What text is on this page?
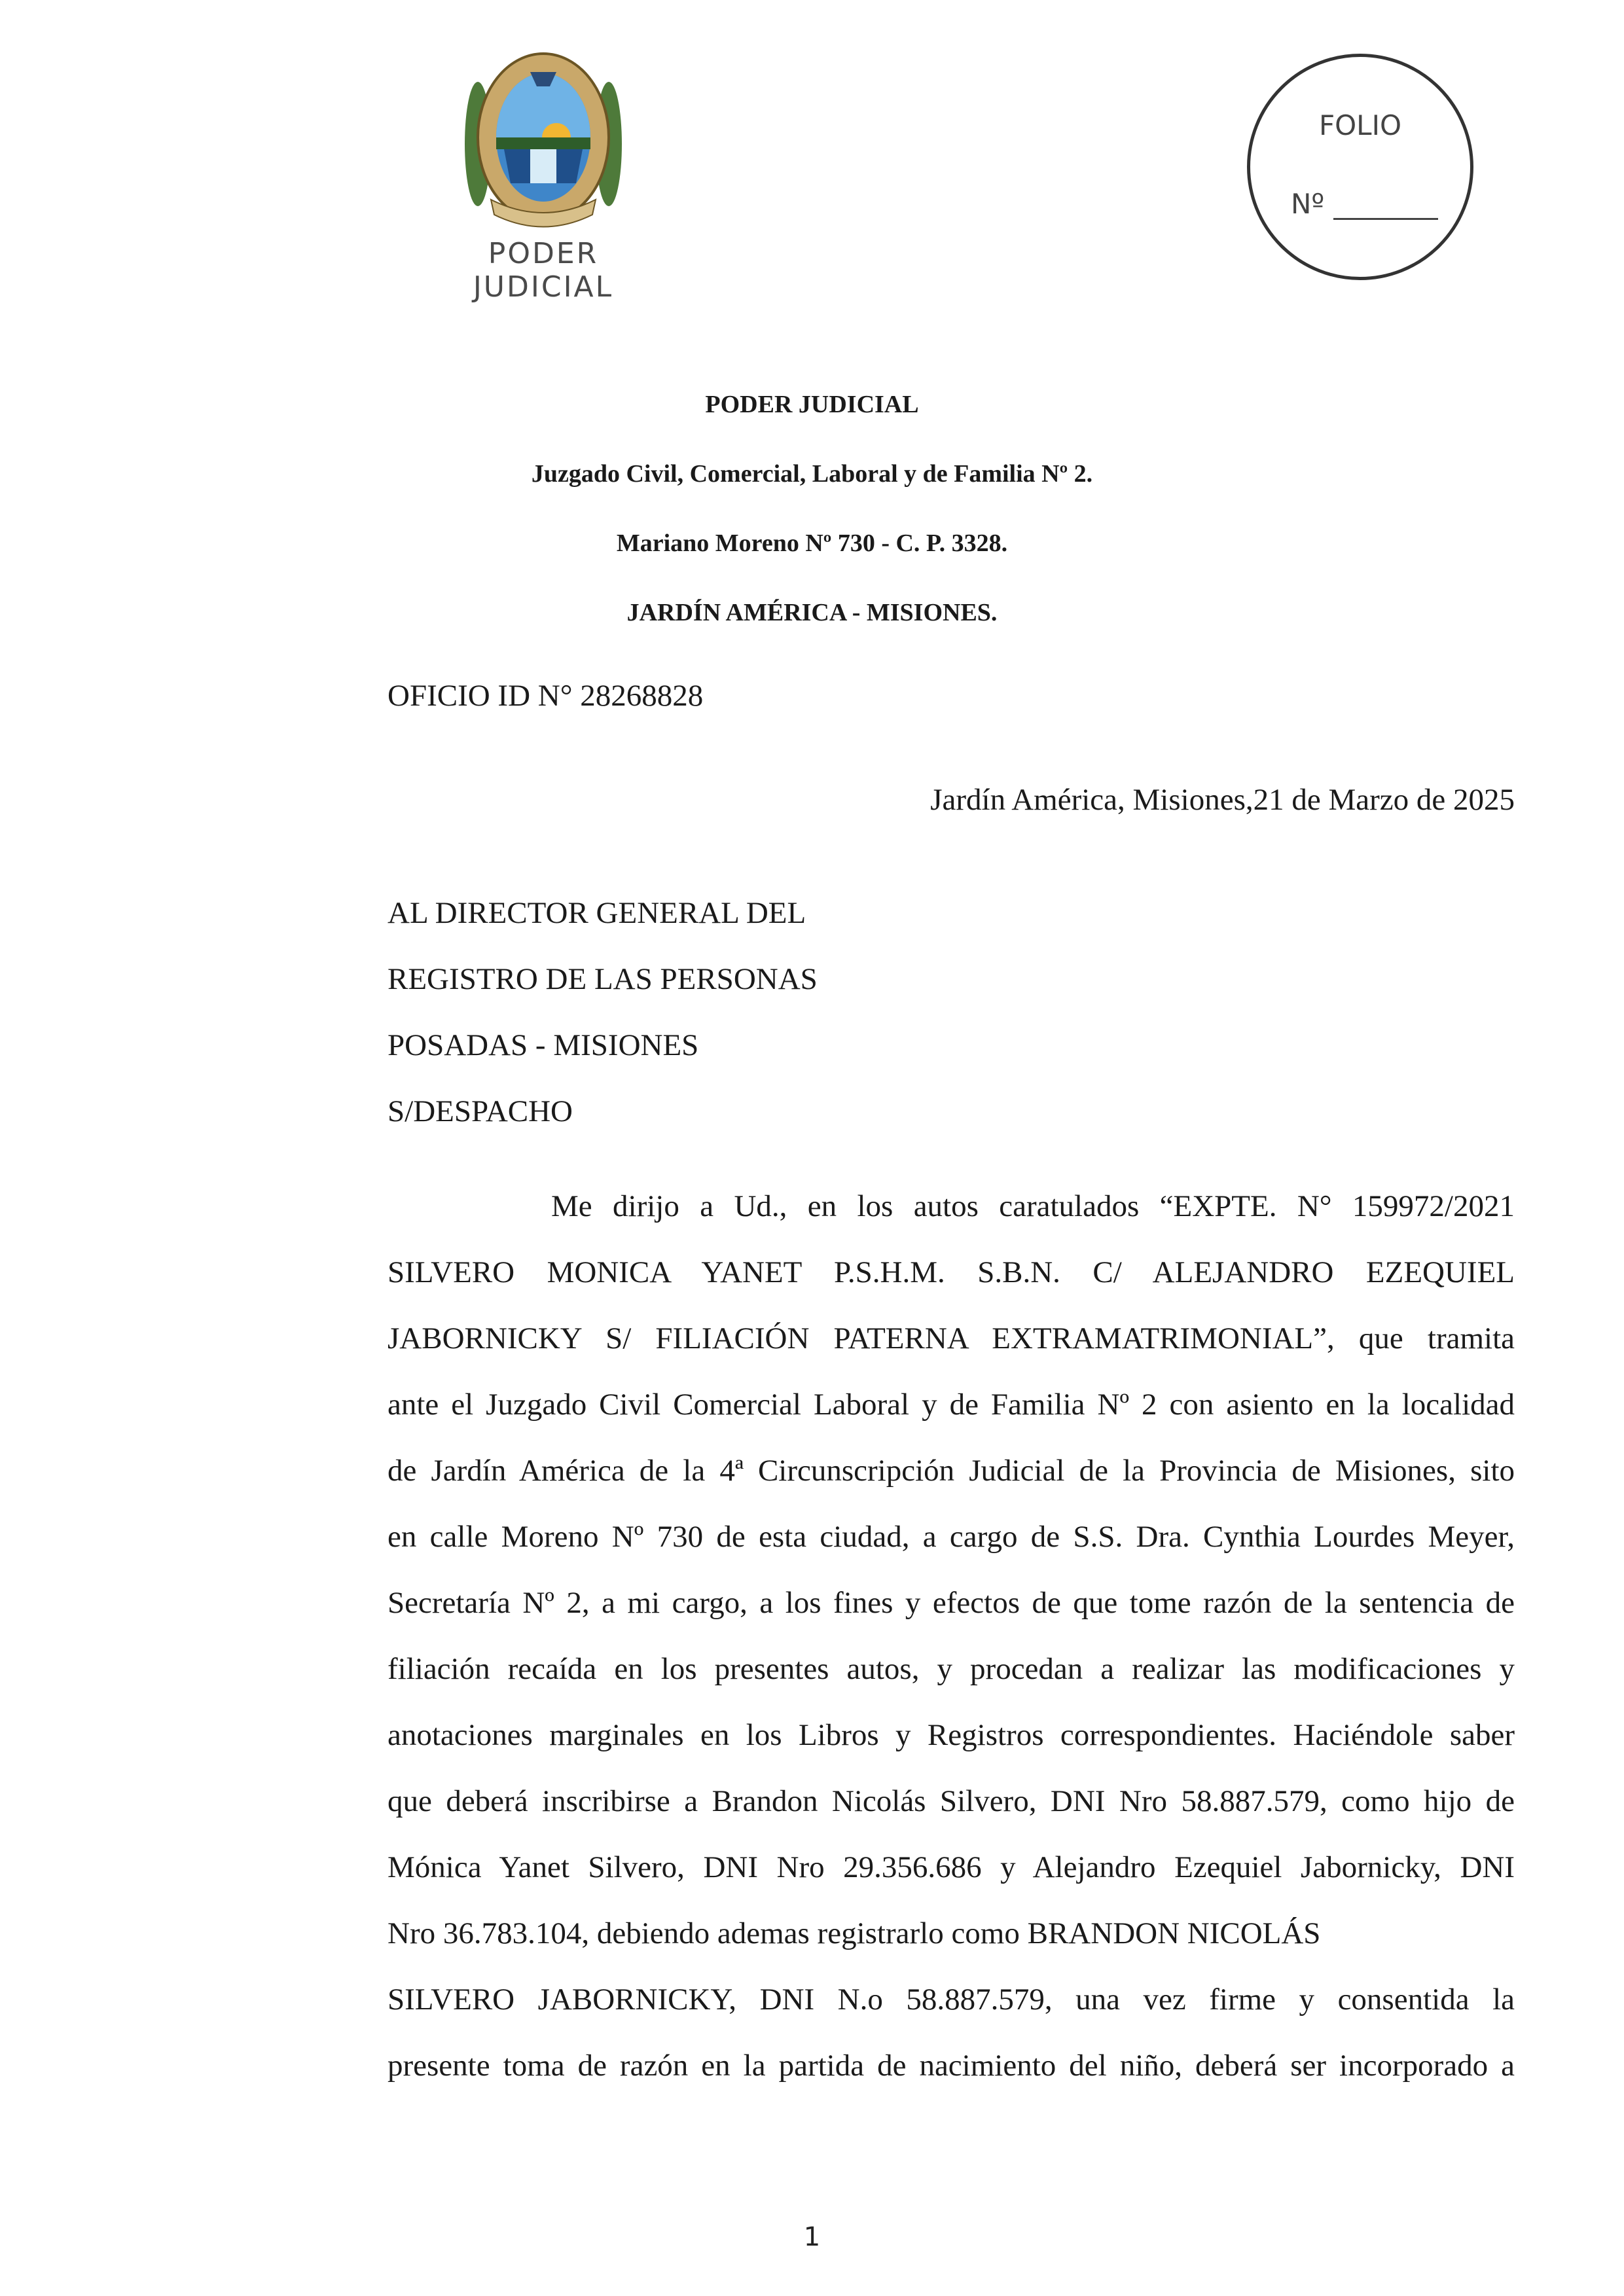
PODER JUDICIAL
FOLIO
Nº
PODER JUDICIAL
Juzgado Civil, Comercial, Laboral y de Familia Nº 2.
Mariano Moreno Nº 730 - C. P. 3328.
JARDÍN AMÉRICA - MISIONES.
OFICIO ID N° 28268828
Jardín América, Misiones,21 de Marzo de 2025
AL DIRECTOR GENERAL DEL
REGISTRO DE LAS PERSONAS
POSADAS - MISIONES
S/DESPACHO
Me dirijo a Ud., en los autos caratulados “EXPTE. N° 159972/2021
SILVERO MONICA YANET P.S.H.M. S.B.N. C/ ALEJANDRO EZEQUIEL
JABORNICKY S/ FILIACIÓN PATERNA EXTRAMATRIMONIAL”, que tramita
ante el Juzgado Civil Comercial Laboral y de Familia Nº 2 con asiento en la localidad
de Jardín América de la 4ª Circunscripción Judicial de la Provincia de Misiones, sito
en calle Moreno Nº 730 de esta ciudad, a cargo de S.S. Dra. Cynthia Lourdes Meyer,
Secretaría Nº 2, a mi cargo, a los fines y efectos de que tome razón de la sentencia de
filiación recaída en los presentes autos, y procedan a realizar las modificaciones y
anotaciones marginales en los Libros y Registros correspondientes. Haciéndole saber
que deberá inscribirse a Brandon Nicolás Silvero, DNI Nro 58.887.579, como hijo de
Mónica Yanet Silvero, DNI Nro 29.356.686 y Alejandro Ezequiel Jabornicky, DNI
Nro 36.783.104, debiendo ademas registrarlo como BRANDON NICOLÁS
SILVERO JABORNICKY, DNI N.o 58.887.579, una vez firme y consentida la
presente toma de razón en la partida de nacimiento del niño, deberá ser incorporado a
1
